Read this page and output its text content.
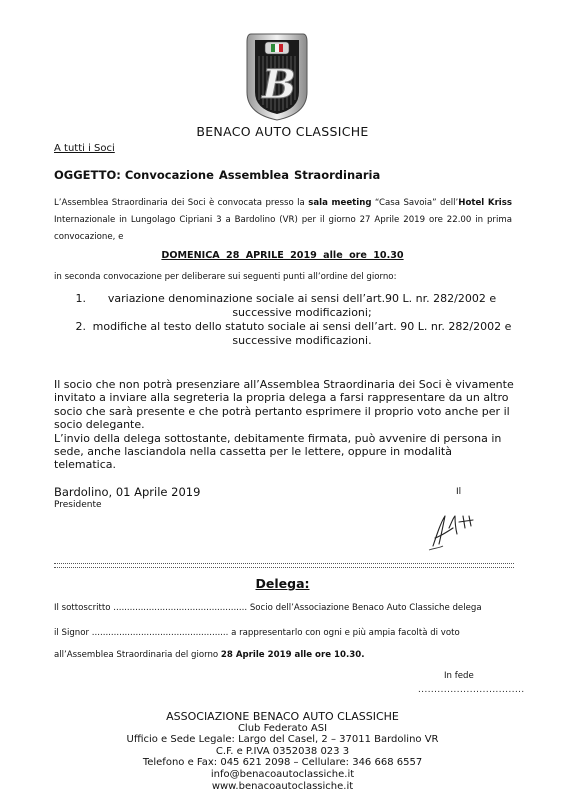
B
BENACO AUTO CLASSICHE
A tutti i Soci
OGGETTO: Convocazione Assemblea Straordinaria
L’Assemblea Straordinaria dei Soci è convocata presso la sala meeting “Casa Savoia” dell’Hotel Kriss Internazionale in Lungolago Cipriani 3 a Bardolino (VR) per il giorno 27 Aprile 2019 ore 22.00 in prima convocazione, e
DOMENICA 28 APRILE 2019 alle ore 10.30
in seconda convocazione per deliberare sui seguenti punti all’ordine del giorno:
1.	variazione denominazione sociale ai sensi dell’art.90 L. nr. 282/2002 e successive modificazioni;
2. modifiche al testo dello statuto sociale ai sensi dell’art. 90 L. nr. 282/2002 e successive modificazioni.
Il socio che non potrà presenziare all’Assemblea Straordinaria dei Soci è vivamente invitato a inviare alla segreteria la propria delega a farsi rappresentare da un altro socio che sarà presente e che potrà pertanto esprimere il proprio voto anche per il socio delegante.
L’invio della delega sottostante, debitamente firmata, può avvenire di persona in sede, anche lasciandola nella cassetta per le lettere, oppure in modalità telematica.
Bardolino, 01 Aprile 2019	Il
Presidente
Delega:
Il sottoscritto ................................................. Socio dell’Associazione Benaco Auto Classiche delega
il Signor .................................................. a rappresentarlo con ogni e più ampia facoltà di voto
all’Assemblea Straordinaria del giorno 28 Aprile 2019 alle ore 10.30.
In fede
.................................
ASSOCIAZIONE BENACO AUTO CLASSICHE
Club Federato ASI
Ufficio e Sede Legale: Largo del Casel, 2 – 37011 Bardolino VR
C.F. e P.IVA 0352038 023 3
Telefono e Fax: 045 621 2098 – Cellulare: 346 668 6557
info@benacoautoclassiche.it
www.benacoautoclassiche.it
